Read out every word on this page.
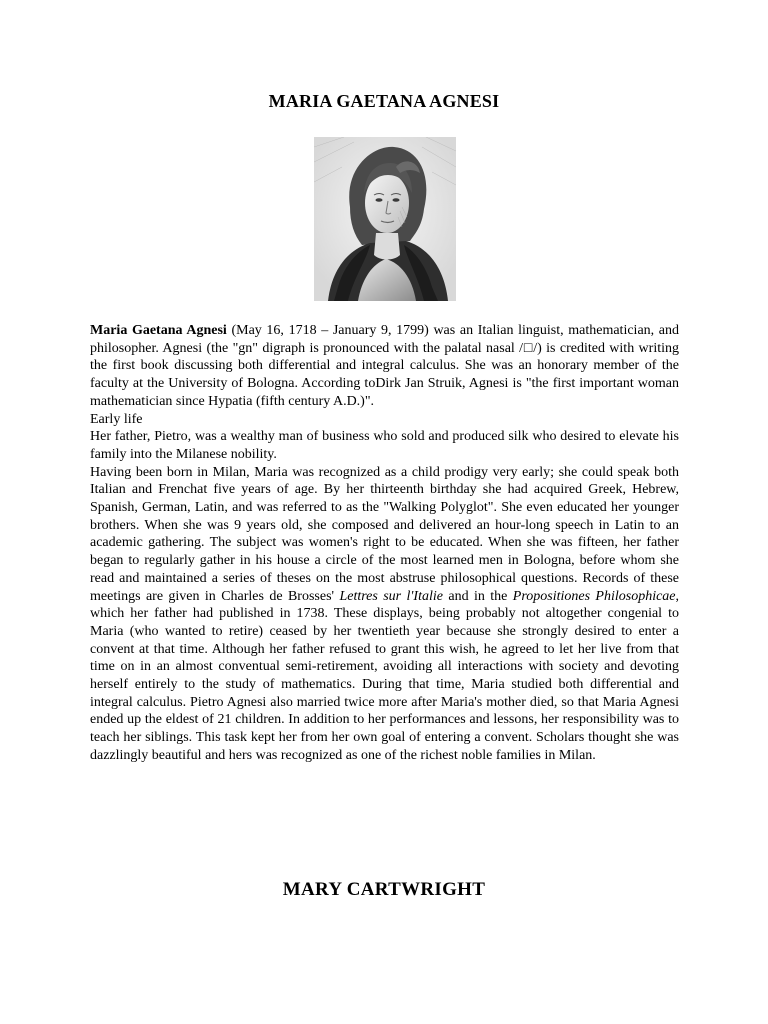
MARIA GAETANA AGNESI

Maria Gaetana Agnesi (May 16, 1718 – January 9, 1799) was an Italian linguist, mathematician, and philosopher. Agnesi (the "gn" digraph is pronounced with the palatal nasal /□/) is credited with writing the first book discussing both differential and integral calculus. She was an honorary member of the faculty at the University of Bologna. According toDirk Jan Struik, Agnesi is "the first important woman mathematician since Hypatia (fifth century A.D.)".

Early life

Her father, Pietro, was a wealthy man of business who sold and produced silk who desired to elevate his family into the Milanese nobility.

Having been born in Milan, Maria was recognized as a child prodigy very early; she could speak both Italian and Frenchat five years of age. By her thirteenth birthday she had acquired Greek, Hebrew, Spanish, German, Latin, and was referred to as the "Walking Polyglot". She even educated her younger brothers. When she was 9 years old, she composed and delivered an hour-long speech in Latin to an academic gathering. The subject was women's right to be educated. When she was fifteen, her father began to regularly gather in his house a circle of the most learned men in Bologna, before whom she read and maintained a series of theses on the most abstruse philosophical questions. Records of these meetings are given in Charles de Brosses' Lettres sur l'Italie and in the Propositiones Philosophicae, which her father had published in 1738. These displays, being probably not altogether congenial to Maria (who wanted to retire) ceased by her twentieth year because she strongly desired to enter a convent at that time. Although her father refused to grant this wish, he agreed to let her live from that time on in an almost conventual semi-retirement, avoiding all interactions with society and devoting herself entirely to the study of mathematics. During that time, Maria studied both differential and integral calculus. Pietro Agnesi also married twice more after Maria's mother died, so that Maria Agnesi ended up the eldest of 21 children. In addition to her performances and lessons, her responsibility was to teach her siblings. This task kept her from her own goal of entering a convent. Scholars thought she was dazzlingly beautiful and hers was recognized as one of the richest noble families in Milan.

MARY CARTWRIGHT
